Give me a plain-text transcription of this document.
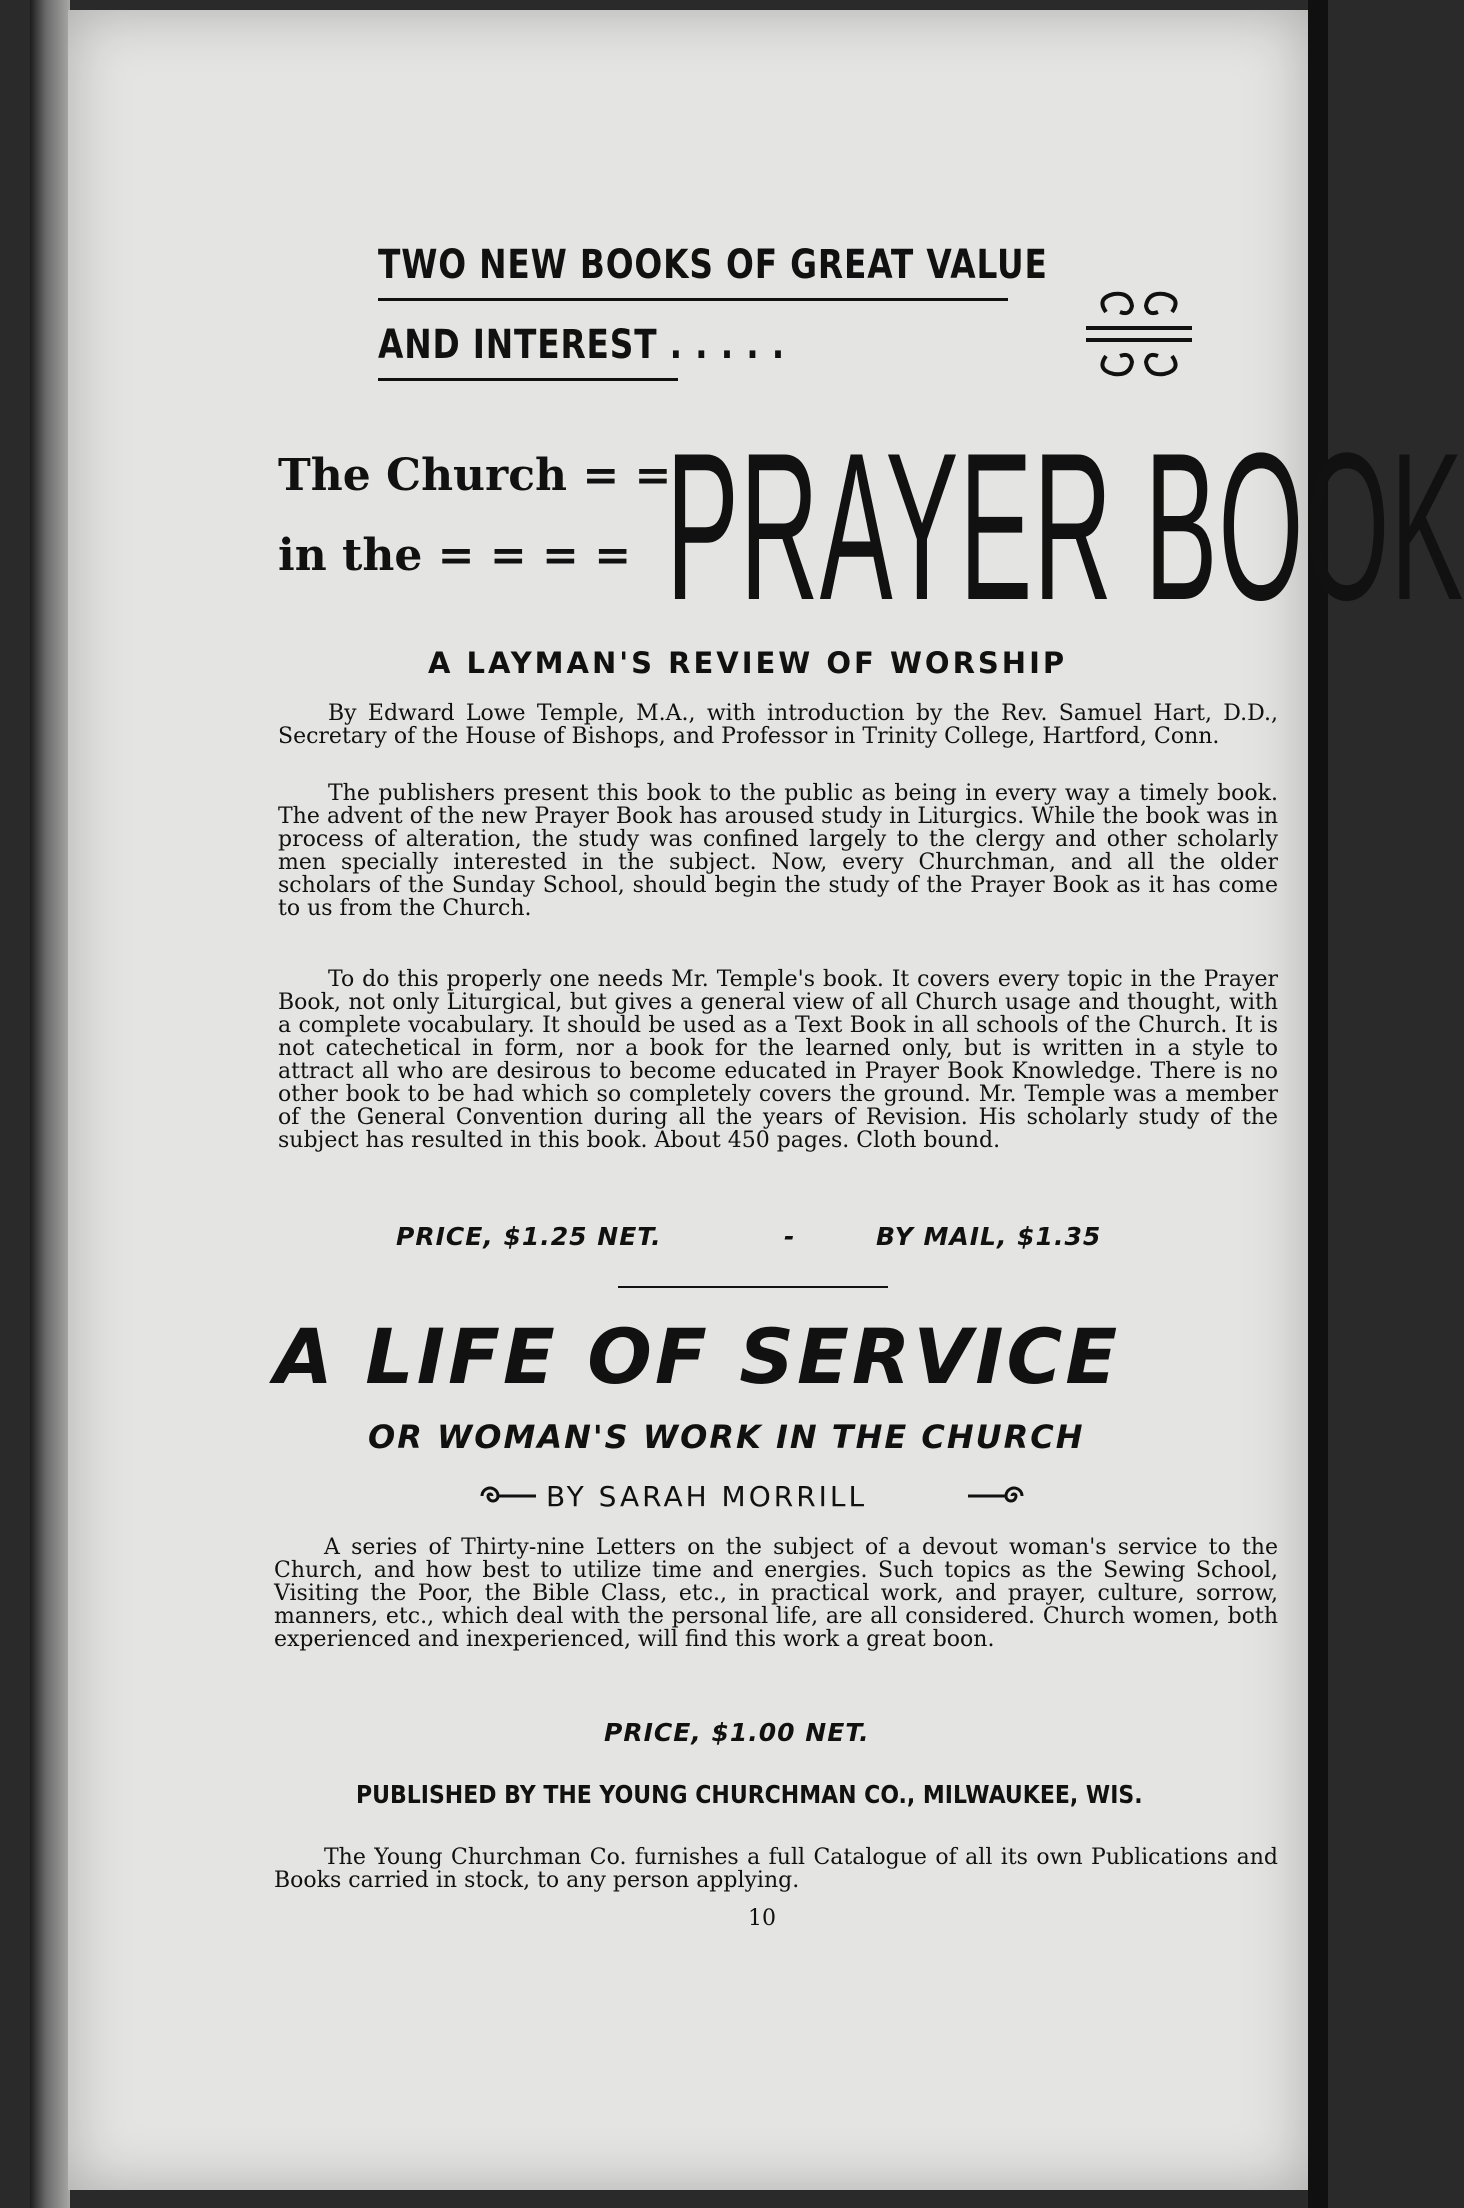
TWO NEW BOOKS OF GREAT VALUE
AND INTEREST . . . . .
The Church = =
in the = = = = PRAYER BOOK
A LAYMAN'S REVIEW OF WORSHIP
By Edward Lowe Temple, M.A., with introduction by the Rev. Samuel Hart, D.D., Secretary of the House of Bishops, and Professor in Trinity College, Hartford, Conn.
The publishers present this book to the public as being in every way a timely book. The advent of the new Prayer Book has aroused study in Liturgics. While the book was in process of alteration, the study was confined largely to the clergy and other scholarly men specially interested in the subject. Now, every Churchman, and all the older scholars of the Sunday School, should begin the study of the Prayer Book as it has come to us from the Church.
To do this properly one needs Mr. Temple's book. It covers every topic in the Prayer Book, not only Liturgical, but gives a general view of all Church usage and thought, with a complete vocabulary. It should be used as a Text Book in all schools of the Church. It is not catechetical in form, nor a book for the learned only, but is written in a style to attract all who are desirous to become educated in Prayer Book Knowledge. There is no other book to be had which so completely covers the ground. Mr. Temple was a member of the General Convention during all the years of Revision. His scholarly study of the subject has resulted in this book. About 450 pages. Cloth bound.
PRICE, $1.25 NET.	-	BY MAIL, $1.35
A LIFE OF SERVICE
OR WOMAN'S WORK IN THE CHURCH
BY SARAH MORRILL
A series of Thirty-nine Letters on the subject of a devout woman's service to the Church, and how best to utilize time and energies. Such topics as the Sewing School, Visiting the Poor, the Bible Class, etc., in practical work, and prayer, culture, sorrow, manners, etc., which deal with the personal life, are all considered. Church women, both experienced and inexperienced, will find this work a great boon.
PRICE, $1.00 NET.
PUBLISHED BY THE YOUNG CHURCHMAN CO., MILWAUKEE, WIS.
The Young Churchman Co. furnishes a full Catalogue of all its own Publications and Books carried in stock, to any person applying.
10
